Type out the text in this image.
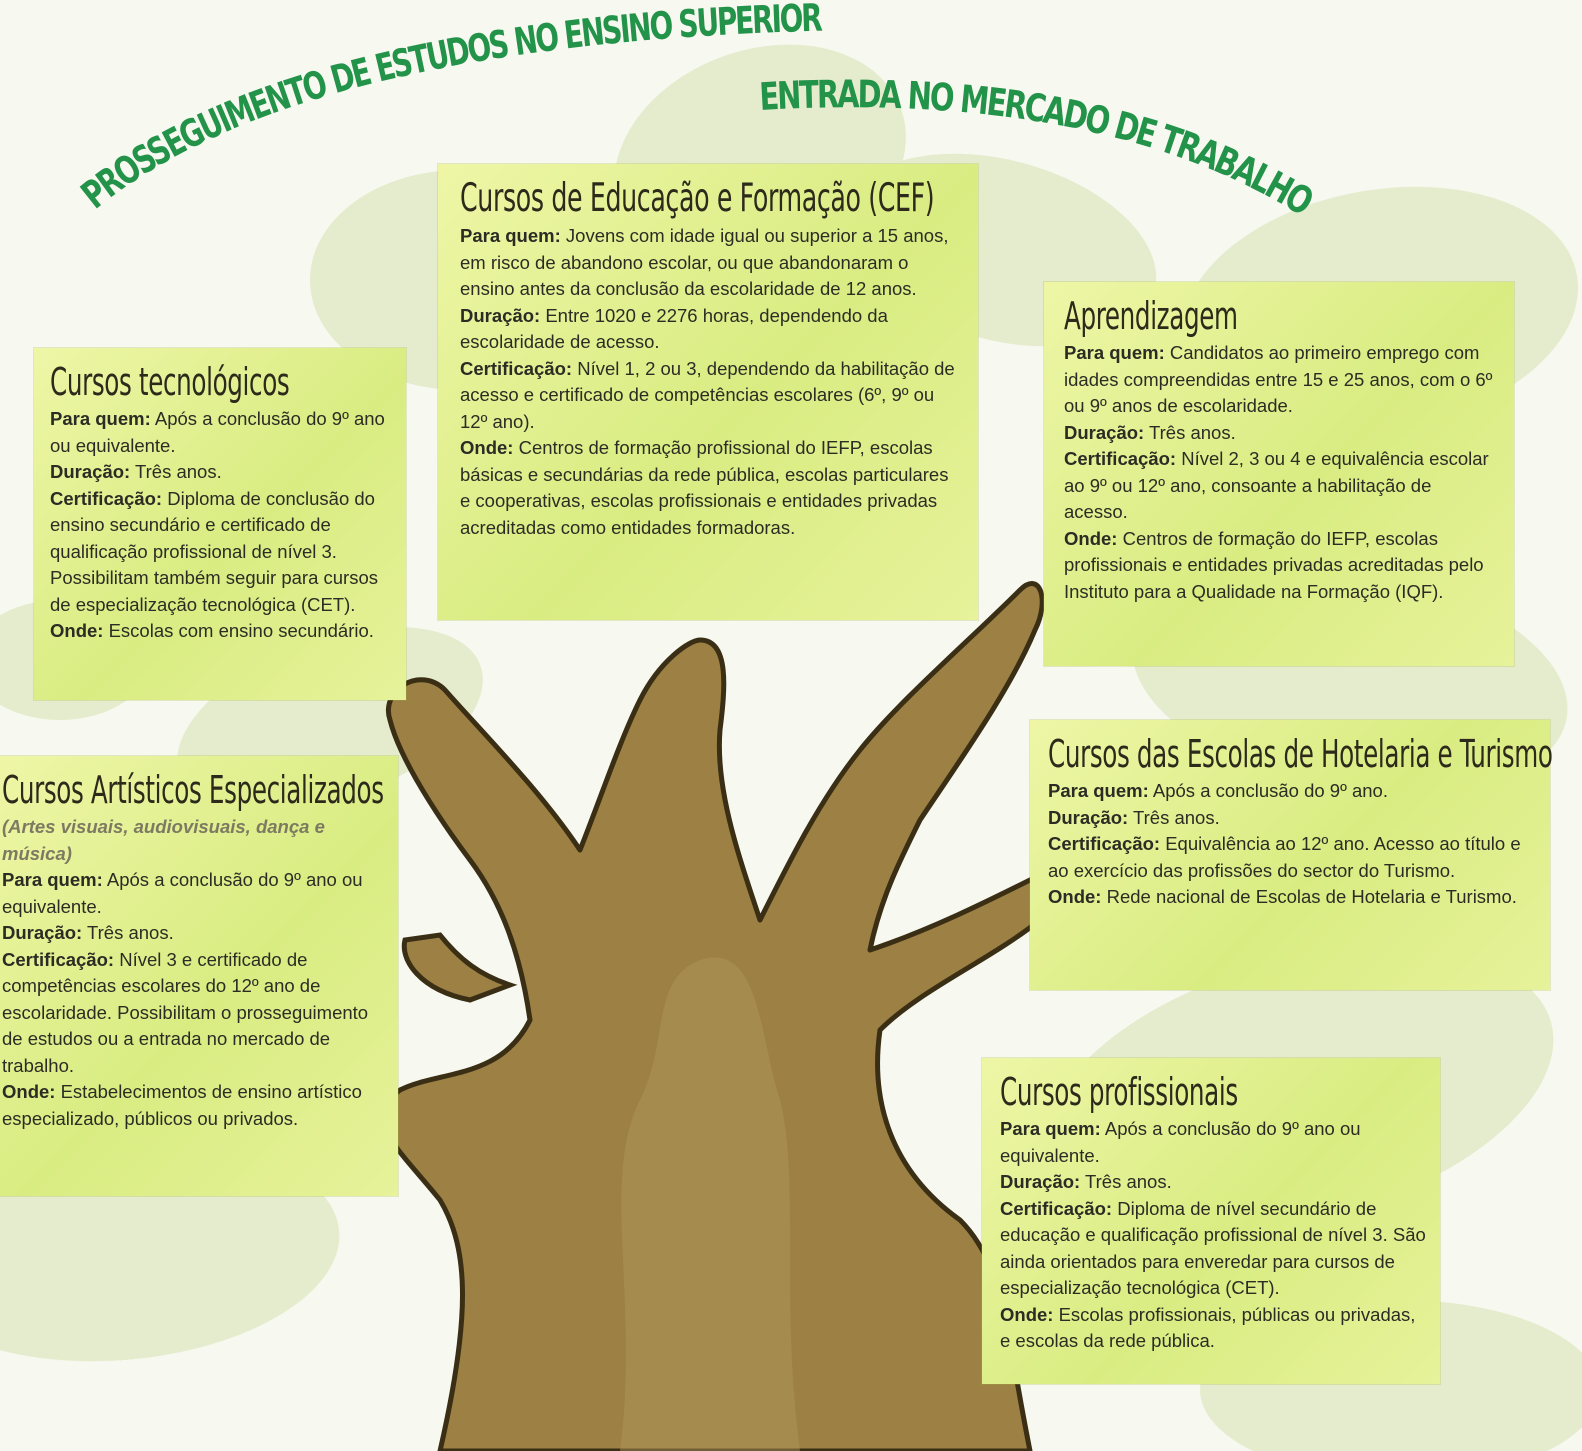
PROSSEGUIMENTO DE ESTUDOS NO ENSINO SUPERIOR
ENTRADA NO MERCADO DE TRABALHO
Cursos de Educação e Formação (CEF)

Para quem: Jovens com idade igual ou superior a 15 anos, em risco de abandono escolar, ou que abandonaram o ensino antes da conclusão da escolaridade de 12 anos.
Duração: Entre 1020 e 2276 horas, dependendo da escolaridade de acesso.
Certificação: Nível 1, 2 ou 3, dependendo da habilitação de acesso e certificado de competências escolares (6º, 9º ou 12º ano).
Onde: Centros de formação profissional do IEFP, escolas básicas e secundárias da rede pública, escolas particulares e cooperativas, escolas profissionais e entidades privadas acreditadas como entidades formadoras.

Cursos tecnológicos

Para quem: Após a conclusão do 9º ano ou equivalente.
Duração: Três anos.
Certificação: Diploma de conclusão do ensino secundário e certificado de qualificação profissional de nível 3. Possibilitam também seguir para cursos de especialização tecnológica (CET).
Onde: Escolas com ensino secundário.

Aprendizagem

Para quem: Candidatos ao primeiro emprego com idades compreendidas entre 15 e 25 anos, com o 6º ou 9º anos de escolaridade.
Duração: Três anos.
Certificação: Nível 2, 3 ou 4 e equivalência escolar ao 9º ou 12º ano, consoante a habilitação de acesso.
Onde: Centros de formação do IEFP, escolas profissionais e entidades privadas acreditadas pelo Instituto para a Qualidade na Formação (IQF).

Cursos Artísticos Especializados

(Artes visuais, audiovisuais, dança e música)

Para quem: Após a conclusão do 9º ano ou equivalente.
Duração: Três anos.
Certificação: Nível 3 e certificado de competências escolares do 12º ano de escolaridade. Possibilitam o prosseguimento de estudos ou a entrada no mercado de trabalho.
Onde: Estabelecimentos de ensino artístico especializado, públicos ou privados.

Cursos das Escolas de Hotelaria e Turismo

Para quem: Após a conclusão do 9º ano.
Duração: Três anos.
Certificação: Equivalência ao 12º ano. Acesso ao título e ao exercício das profissões do sector do Turismo.
Onde: Rede nacional de Escolas de Hotelaria e Turismo.

Cursos profissionais

Para quem: Após a conclusão do 9º ano ou equivalente.
Duração: Três anos.
Certificação: Diploma de nível secundário de educação e qualificação profissional de nível 3. São ainda orientados para enveredar para cursos de especialização tecnológica (CET).
Onde: Escolas profissionais, públicas ou privadas, e escolas da rede pública.
